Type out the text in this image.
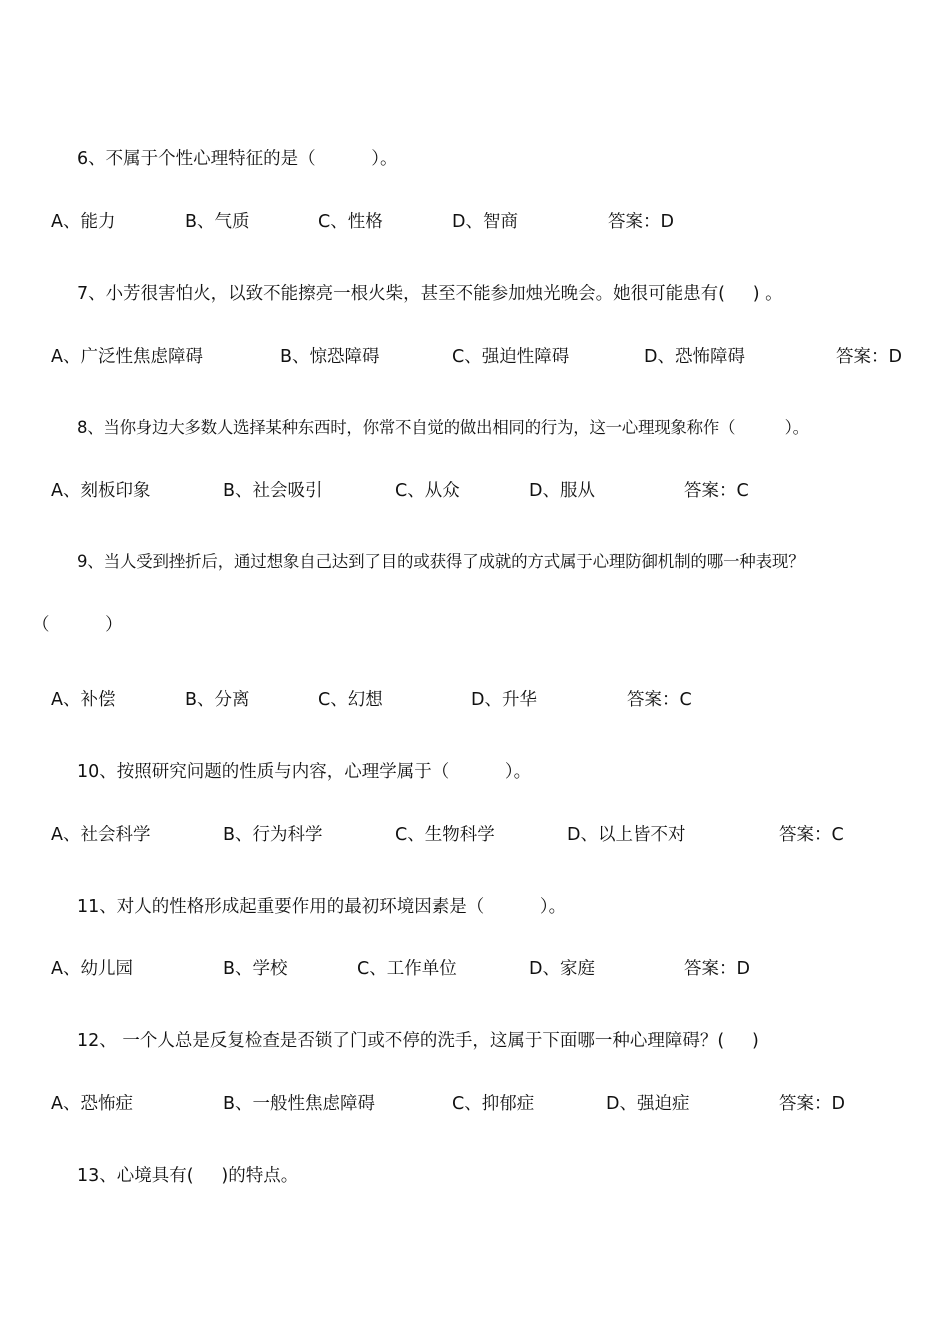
6、不属于个性心理特征的是（          ）。
A、能力	B、气质	C、性格	D、智商	答案：D
7、小芳很害怕火，以致不能擦亮一根火柴，甚至不能参加烛光晚会。她很可能患有(     ) 。
A、广泛性焦虑障碍	B、惊恐障碍	C、强迫性障碍	D、恐怖障碍	答案：D
8、当你身边大多数人选择某种东西时，你常不自觉的做出相同的行为，这一心理现象称作（          ）。
A、刻板印象	B、社会吸引	C、从众	D、服从	答案：C
9、当人受到挫折后，通过想象自己达到了目的或获得了成就的方式属于心理防御机制的哪一种表现？
（          ）
A、补偿	B、分离	C、幻想	D、升华	答案：C
10、按照研究问题的性质与内容，心理学属于（          ）。
A、社会科学	B、行为科学	C、生物科学	D、以上皆不对	答案：C
11、对人的性格形成起重要作用的最初环境因素是（          ）。
A、幼儿园	B、学校	C、工作单位	D、家庭	答案：D
12、 一个人总是反复检查是否锁了门或不停的洗手，这属于下面哪一种心理障碍？(     )
A、恐怖症	B、一般性焦虑障碍	C、抑郁症	D、强迫症	答案：D
13、心境具有(     )的特点。
